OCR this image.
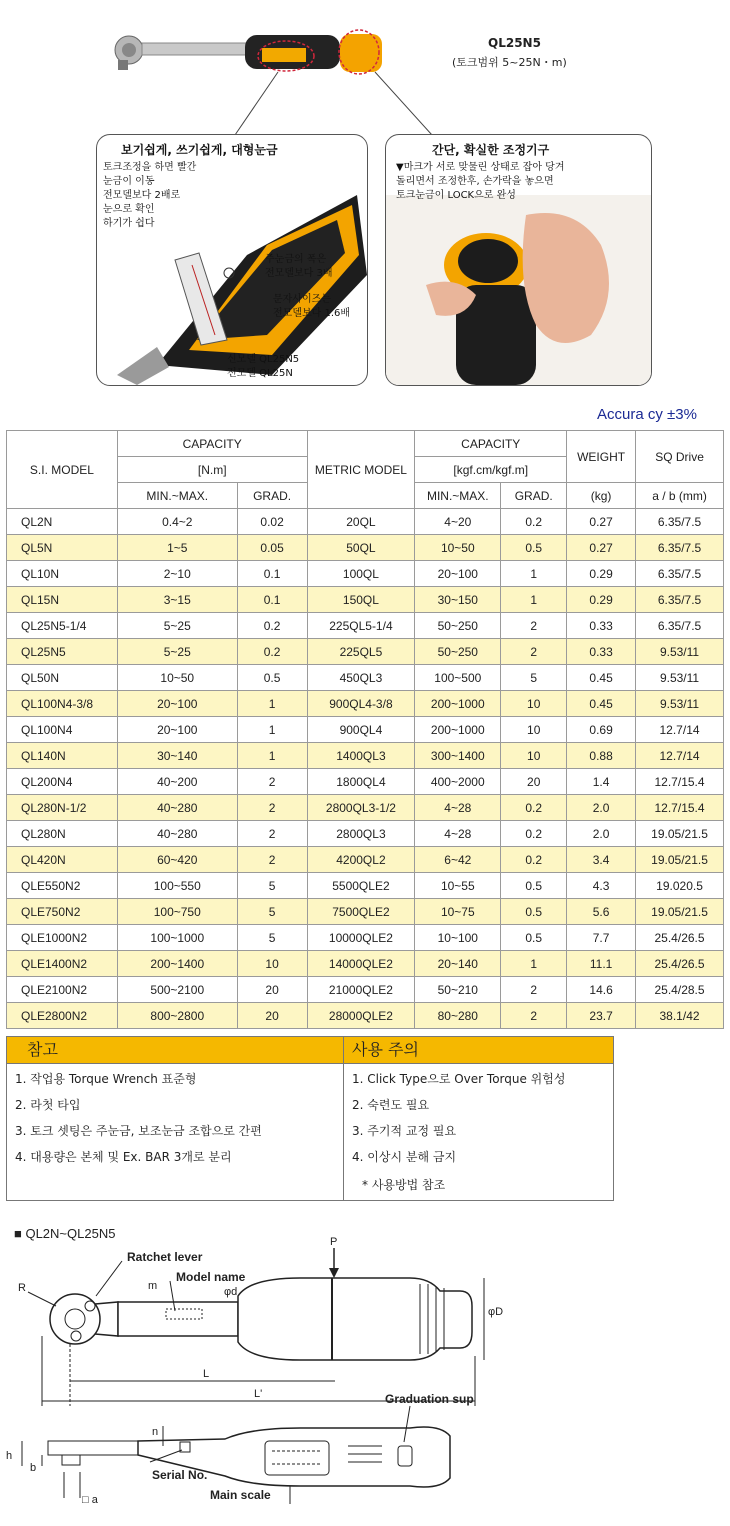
QL25N5
(토크범위 5~25N・m)
보기쉽게, 쓰기쉽게, 대형눈금
토크조정을 하면 빨간
눈금이 이동
전모델보다 2배로
눈으로 확인
하기가 쉽다
주눈금의 폭은
전모델보다 3배
문자사이즈는
전모델보다 1.6배
신모델 QL25N5
전모델 QL25N
간단, 확실한 조정기구
▼마크가 서로 맞물린 상태로 잡아 당겨
돌리면서 조정한후, 손가락을 놓으면
토크눈금이 LOCK으로 완성
Accura cy ±3%
S.I. MODEL	CAPACITY		METRIC MODEL	CAPACITY		WEIGHT	SQ Drive
	[N.m]			[kgf.cm/kgf.m]			
	MIN.~MAX.	GRAD.		MIN.~MAX.	GRAD.	(kg)	a / b (mm)
QL2N	0.4~2	0.02	20QL	4~20	0.2	0.27	6.35/7.5
QL5N	1~5	0.05	50QL	10~50	0.5	0.27	6.35/7.5
QL10N	2~10	0.1	100QL	20~100	1	0.29	6.35/7.5
QL15N	3~15	0.1	150QL	30~150	1	0.29	6.35/7.5
QL25N5-1/4	5~25	0.2	225QL5-1/4	50~250	2	0.33	6.35/7.5
QL25N5	5~25	0.2	225QL5	50~250	2	0.33	9.53/11
QL50N	10~50	0.5	450QL3	100~500	5	0.45	9.53/11
QL100N4-3/8	20~100	1	900QL4-3/8	200~1000	10	0.45	9.53/11
QL100N4	20~100	1	900QL4	200~1000	10	0.69	12.7/14
QL140N	30~140	1	1400QL3	300~1400	10	0.88	12.7/14
QL200N4	40~200	2	1800QL4	400~2000	20	1.4	12.7/15.4
QL280N-1/2	40~280	2	2800QL3-1/2	4~28	0.2	2.0	12.7/15.4
QL280N	40~280	2	2800QL3	4~28	0.2	2.0	19.05/21.5
QL420N	60~420	2	4200QL2	6~42	0.2	3.4	19.05/21.5
QLE550N2	100~550	5	5500QLE2	10~55	0.5	4.3	19.020.5
QLE750N2	100~750	5	7500QLE2	10~75	0.5	5.6	19.05/21.5
QLE1000N2	100~1000	5	10000QLE2	10~100	0.5	7.7	25.4/26.5
QLE1400N2	200~1400	10	14000QLE2	20~140	1	11.1	25.4/26.5
QLE2100N2	500~2100	20	21000QLE2	50~210	2	14.6	25.4/28.5
QLE2800N2	800~2800	20	28000QLE2	80~280	2	23.7	38.1/42
참고	사용 주의
1. 작업용 Torque Wrench 표준형
2. 라첫 타입
3. 토크 셋팅은 주눈금, 보조눈금 조합으로 간편
4. 대용량은 본체 및 Ex. BAR 3개로 분리
1. Click Type으로 Over Torque 위험성
2. 숙련도 필요
3. 주기적 교정 필요
4. 이상시 분해 금지
* 사용방법 참조
■ QL2N~QL25N5
Ratchet lever
Model name
Graduation sup
Serial No.
Main scale
R
P
m	φd
φD
L
L'
n
h
b
□ a
